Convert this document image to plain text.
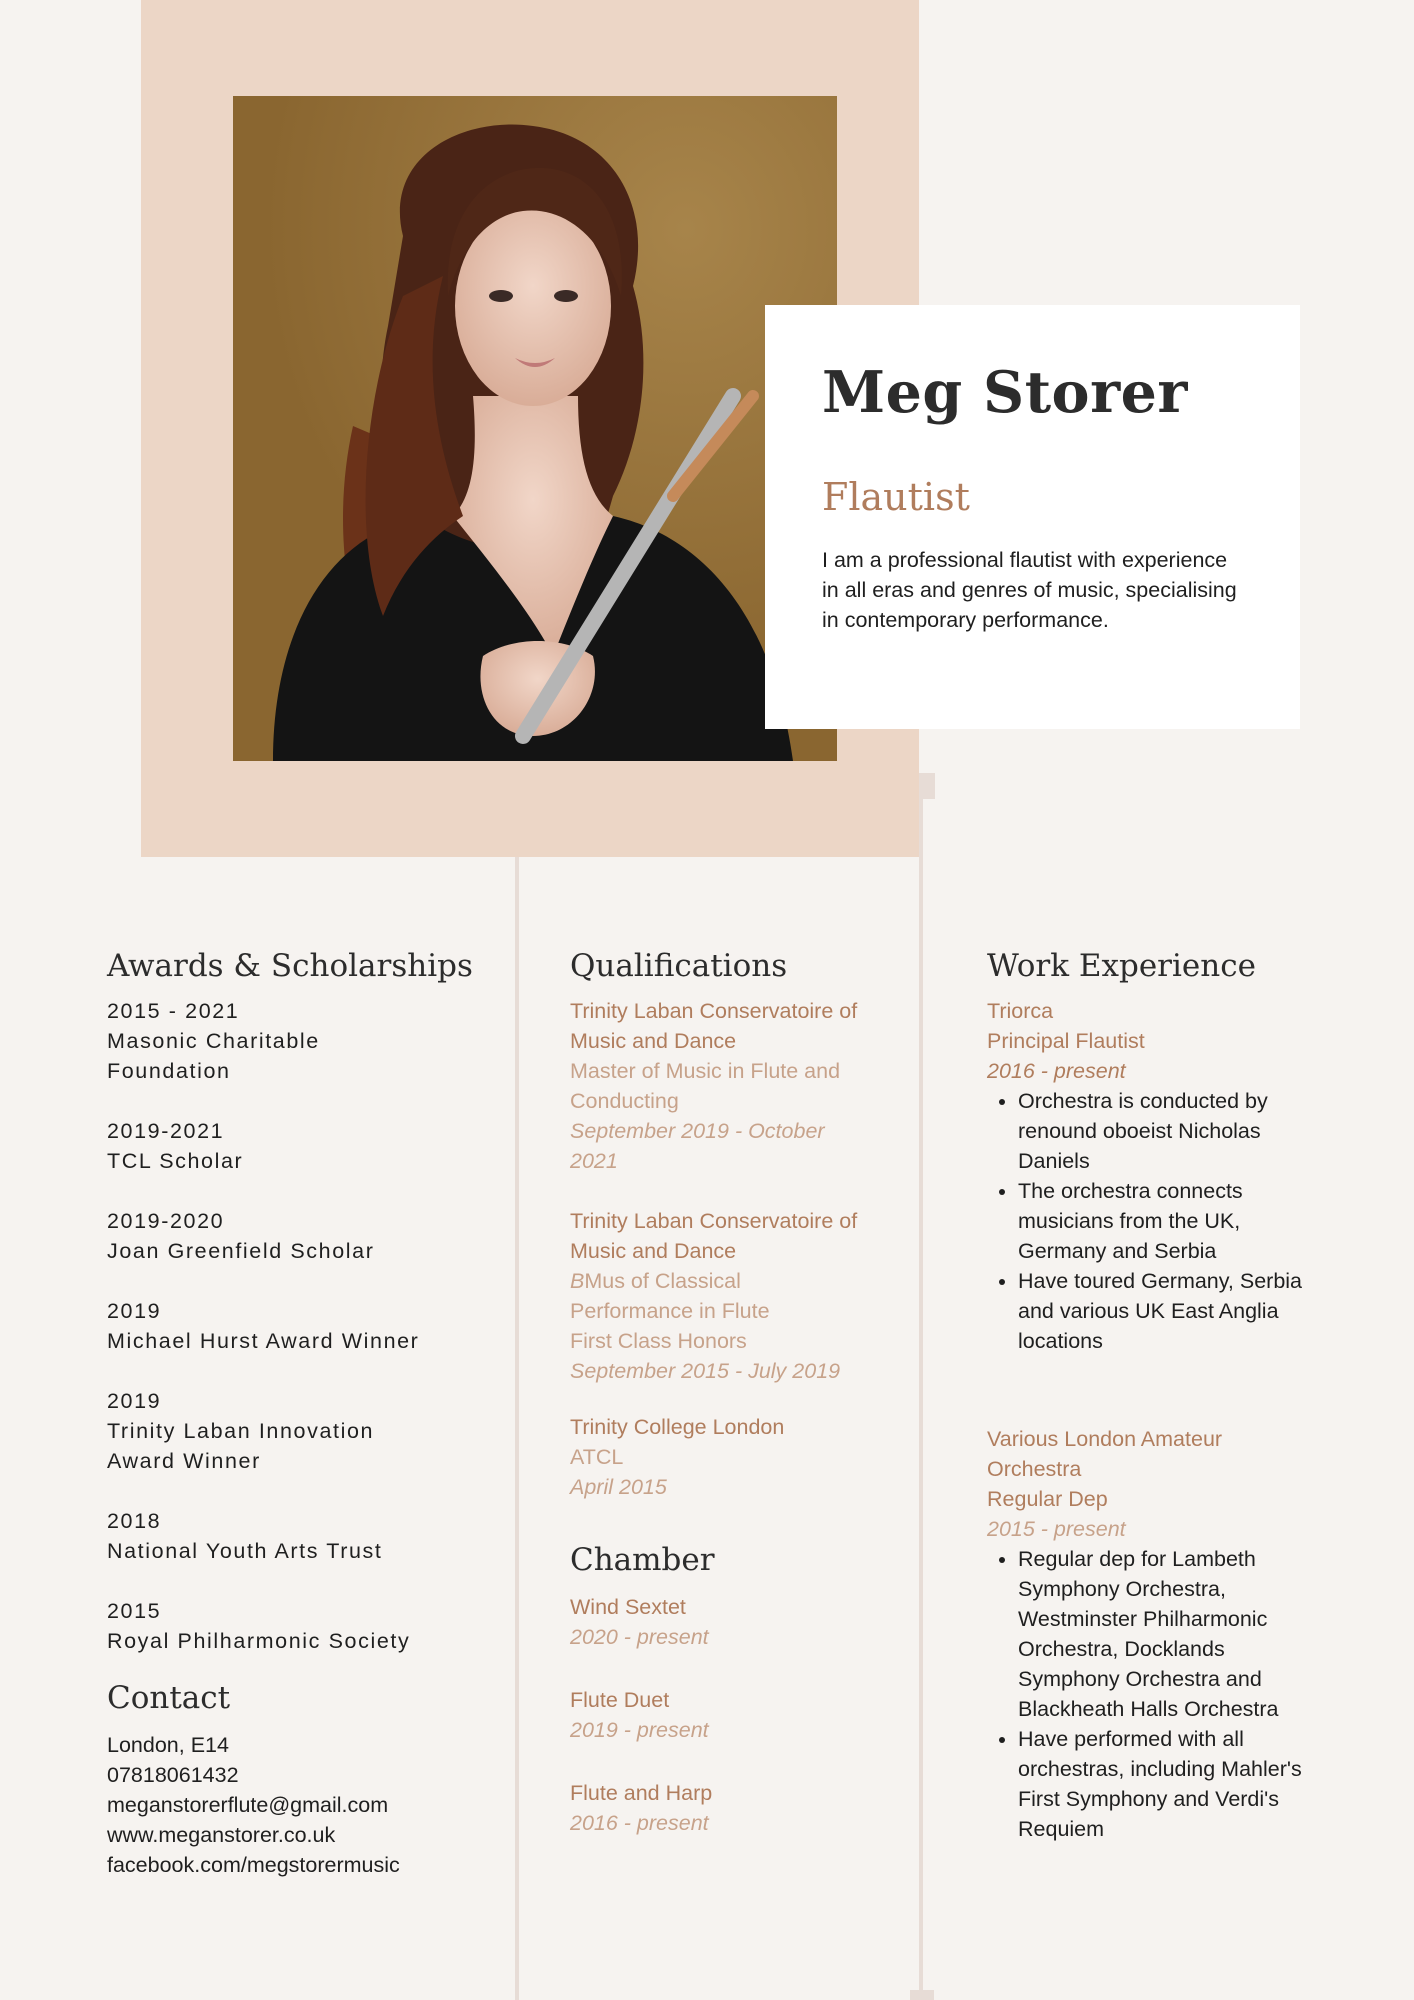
Meg Storer
Flautist
I am a professional flautist with experience in all eras and genres of music, specialising in contemporary performance.
Awards & Scholarships
2015 - 2021
Masonic Charitable Foundation
2019-2021
TCL Scholar
2019-2020
Joan Greenfield Scholar
2019
Michael Hurst Award Winner
2019
Trinity Laban Innovation Award Winner
2018
National Youth Arts Trust
2015
Royal Philharmonic Society
Contact
London, E14
07818061432
meganstorerflute@gmail.com
www.meganstorer.co.uk
facebook.com/megstorermusic
Qualifications
Trinity Laban Conservatoire of Music and Dance
Master of Music in Flute and Conducting
September 2019 - October 2021
Trinity Laban Conservatoire of Music and Dance
BMus of Classical Performance in Flute
First Class Honors
September 2015 - July 2019
Trinity College London
ATCL
April 2015
Chamber
Wind Sextet
2020 - present
Flute Duet
2019 - present
Flute and Harp
2016 - present
Work Experience
Triorca
Principal Flautist
2016 - present
• Orchestra is conducted by renound oboeist Nicholas Daniels
• The orchestra connects musicians from the UK, Germany and Serbia
• Have toured Germany, Serbia and various UK East Anglia locations
Various London Amateur Orchestra
Regular Dep
2015 - present
• Regular dep for Lambeth Symphony Orchestra, Westminster Philharmonic Orchestra, Docklands Symphony Orchestra and Blackheath Halls Orchestra
• Have performed with all orchestras, including Mahler's First Symphony and Verdi's Requiem
